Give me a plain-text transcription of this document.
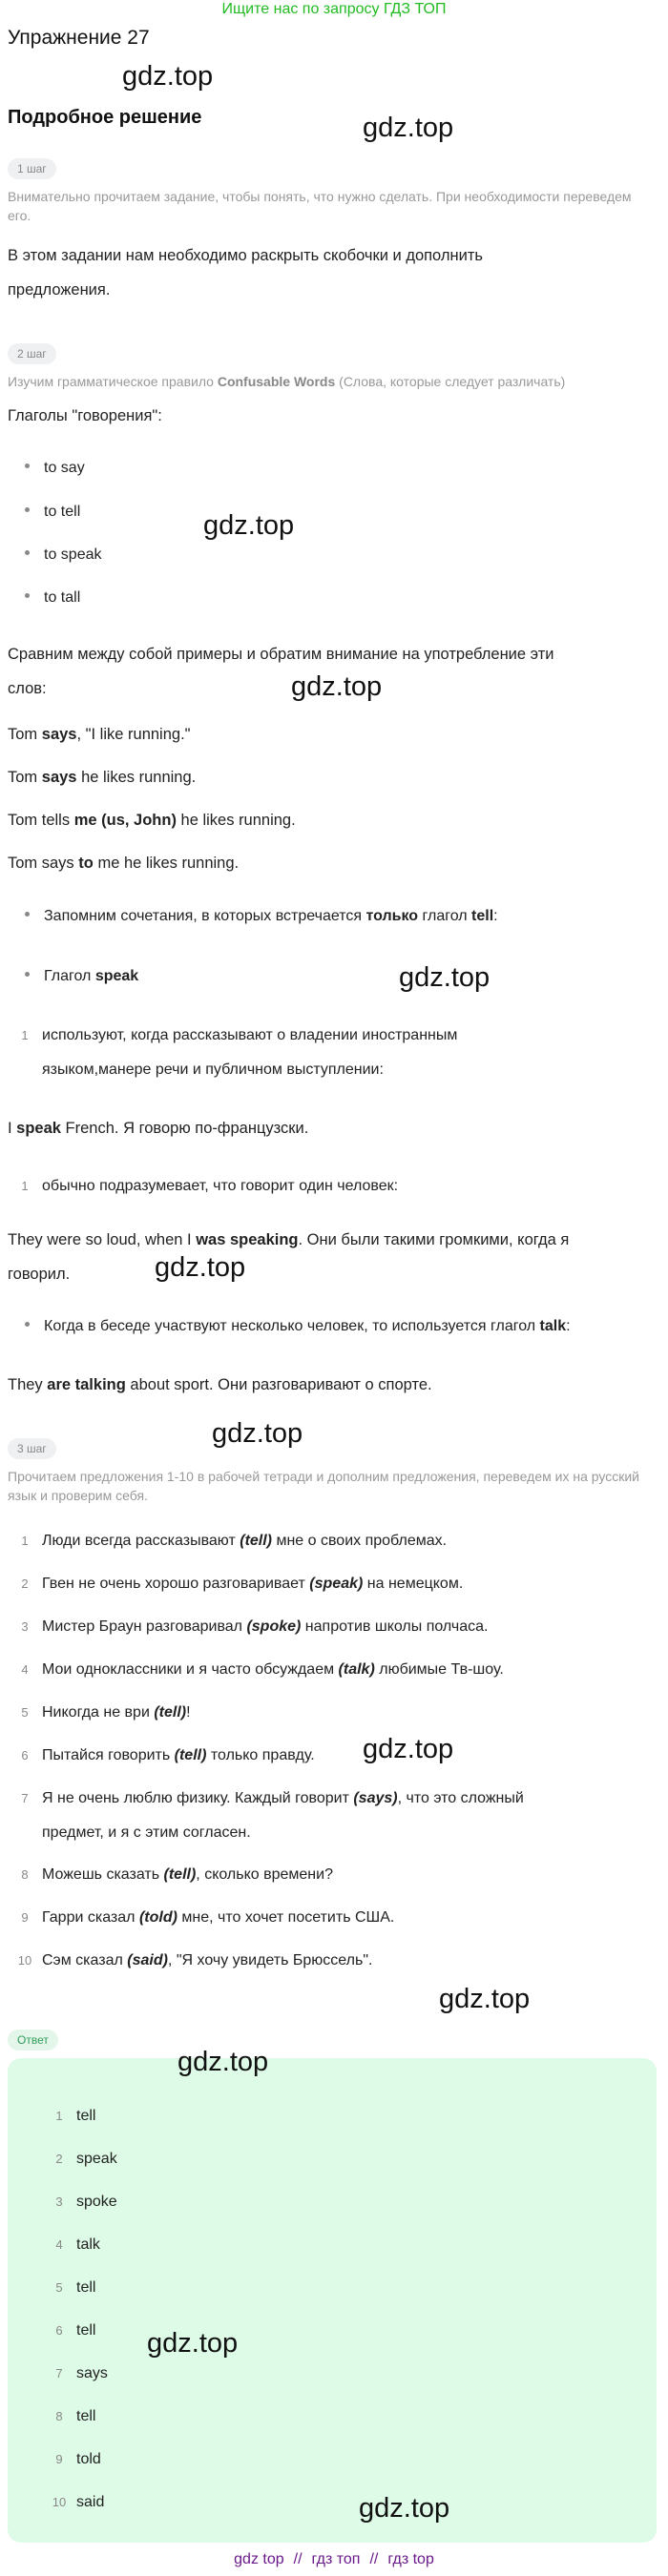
Ищите нас по запросу ГДЗ ТОП
Упражнение 27
Подробное решение
1 шаг
Внимательно прочитаем задание, чтобы понять, что нужно сделать. При необходимости переведем его.
В этом задании нам необходимо раскрыть скобочки и дополнить
предложения.
2 шаг
Изучим грамматическое правило Confusable Words (Слова, которые следует различать)
Глаголы "говорения":
to say
to tell
to speak
to tall
Сравним между собой примеры и обратим внимание на употребление эти
слов:
Tom says, "I like running."
Tom says he likes running.
Tom tells me (us, John) he likes running.
Tom says to me he likes running.
Запомним сочетания, в которых встречается только глагол tell:
Глагол speak
1 используют, когда рассказывают о владении иностранным
языком,манере речи и публичном выступлении:
I speak French. Я говорю по-французски.
1 обычно подразумевает, что говорит один человек:
They were so loud, when I was speaking. Они были такими громкими, когда я
говорил.
Когда в беседе участвуют несколько человек, то используется глагол talk:
They are talking about sport. Они разговаривают о спорте.
3 шаг
Прочитаем предложения 1-10 в рабочей тетради и дополним предложения, переведем их на русский язык и проверим себя.
1 Люди всегда рассказывают (tell) мне о своих проблемах.
2 Гвен не очень хорошо разговаривает (speak) на немецком.
3 Мистер Браун разговаривал (spoke) напротив школы полчаса.
4 Мои одноклассники и я часто обсуждаем (talk) любимые Тв-шоу.
5 Никогда не ври (tell)!
6 Пытайся говорить (tell) только правду.
7 Я не очень люблю физику. Каждый говорит (says), что это сложный
предмет, и я с этим согласен.
8 Можешь сказать (tell), сколько времени?
9 Гарри сказал (told) мне, что хочет посетить США.
10 Сэм сказал (said), "Я хочу увидеть Брюссель".
Ответ
1 tell
2 speak
3 spoke
4 talk
5 tell
6 tell
7 says
8 tell
9 told
10 said
gdz.top
gdz.top
gdz.top
gdz.top
gdz.top
gdz.top
gdz.top
gdz.top
gdz.top
gdz.top
gdz.top
gdz.top
gdz top // гдз топ // гдз top
